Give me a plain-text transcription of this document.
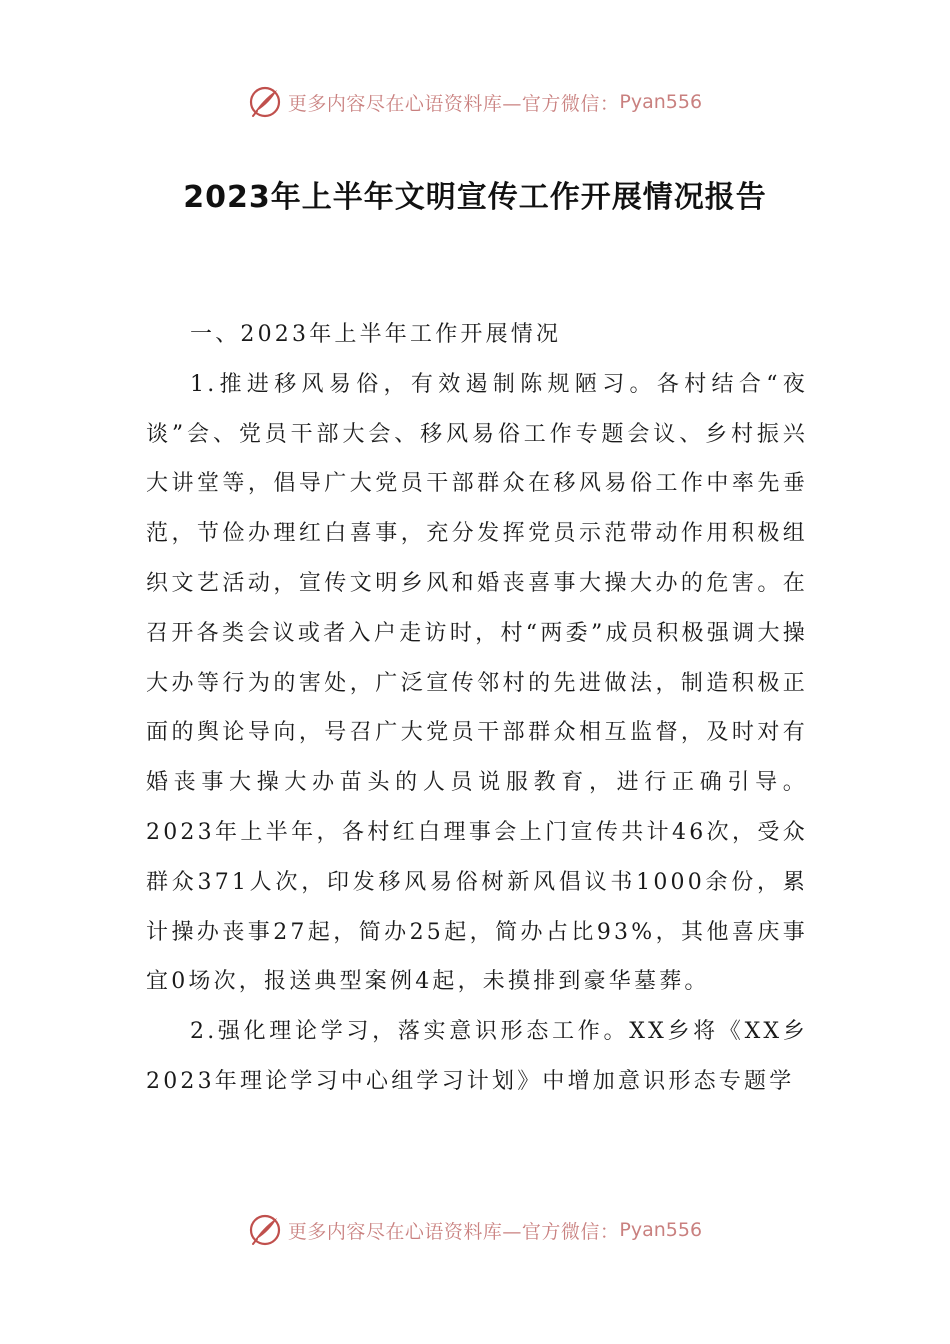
更多内容尽在心语资料库—官方微信： Pyan556
2023年上半年文明宣传工作开展情况报告

一、2023年上半年工作开展情况

1.推进移风易俗，有效遏制陈规陋习。各村结合“夜谈”会、党员干部大会、移风易俗工作专题会议、乡村振兴大讲堂等，倡导广大党员干部群众在移风易俗工作中率先垂范，节俭办理红白喜事，充分发挥党员示范带动作用积极组织文艺活动，宣传文明乡风和婚丧喜事大操大办的危害。在召开各类会议或者入户走访时，村“两委”成员积极强调大操大办等行为的害处，广泛宣传邻村的先进做法，制造积极正面的舆论导向，号召广大党员干部群众相互监督，及时对有婚丧事大操大办苗头的人员说服教育，进行正确引导。2023年上半年，各村红白理事会上门宣传共计46次，受众群众371人次，印发移风易俗树新风倡议书1000余份，累计操办丧事27起，简办25起，简办占比93%，其他喜庆事宜0场次，报送典型案例4起，未摸排到豪华墓葬。

2.强化理论学习，落实意识形态工作。XX乡将《XX乡2023年理论学习中心组学习计划》中增加意识形态专题学

更多内容尽在心语资料库—官方微信： Pyan556
